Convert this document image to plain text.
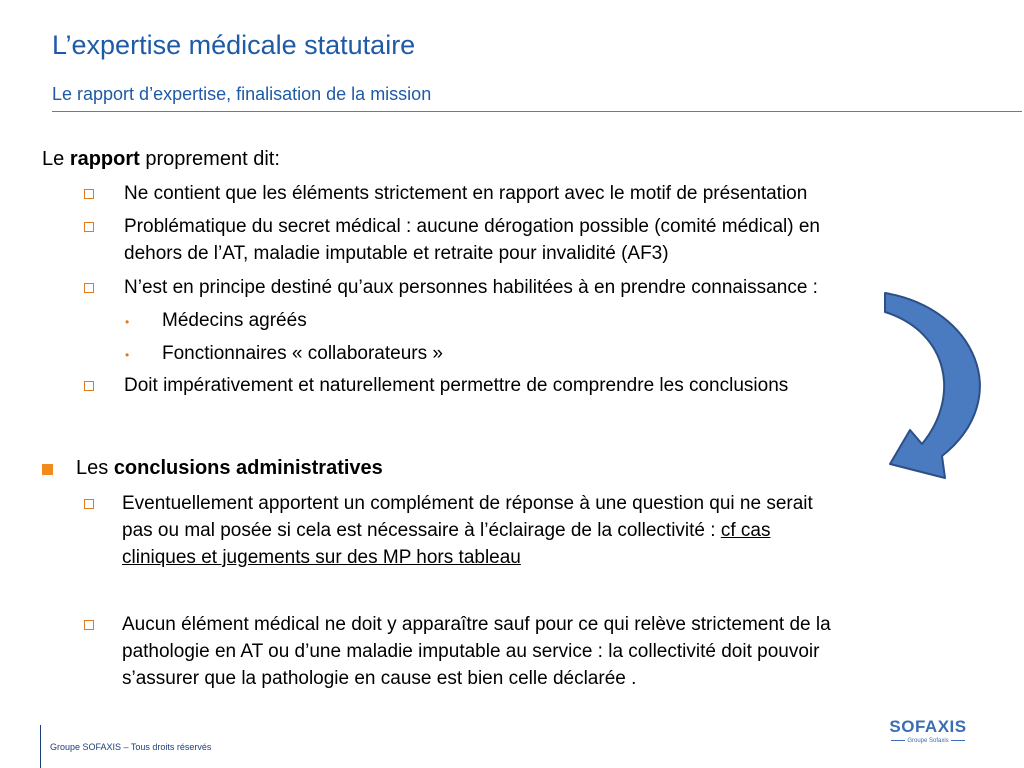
L’expertise médicale statutaire
Le rapport d’expertise, finalisation de la mission
Le rapport proprement dit:
Ne contient que les éléments strictement en rapport avec le motif de présentation
Problématique du secret médical : aucune dérogation possible (comité médical) en
dehors de l’AT, maladie imputable et retraite pour invalidité (AF3)
N’est en principe destiné qu’aux personnes habilitées à en prendre connaissance :
• Médecins agréés
• Fonctionnaires « collaborateurs »
Doit impérativement et naturellement permettre de comprendre les conclusions
Les conclusions administratives
Eventuellement apportent un complément de réponse à une question qui ne serait
pas ou mal posée si cela est nécessaire à l’éclairage de la collectivité : cf cas
cliniques et jugements sur des MP hors tableau
Aucun élément médical ne doit y apparaître sauf pour ce qui relève strictement de la
pathologie en AT ou d’une maladie imputable au service : la collectivité doit pouvoir
s’assurer que la pathologie en cause est bien celle déclarée .
Groupe SOFAXIS – Tous droits réservés
SOFAXIS
Groupe Sofaxis
